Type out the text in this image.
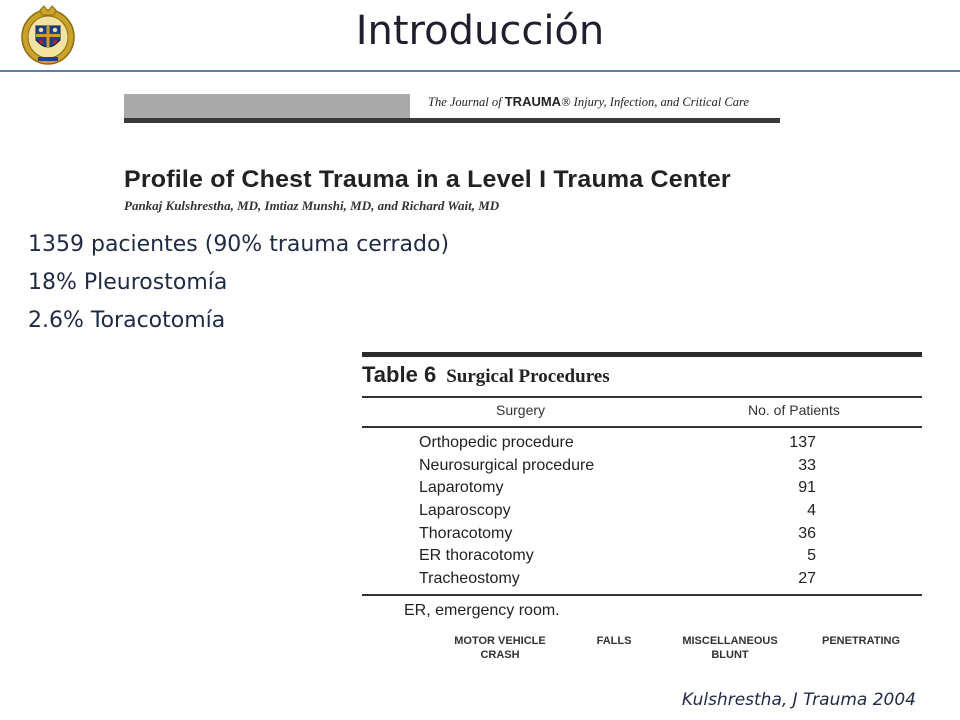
Introducción
The Journal of TRAUMA® Injury, Infection, and Critical Care
Profile of Chest Trauma in a Level I Trauma Center
Pankaj Kulshrestha, MD, Imtiaz Munshi, MD, and Richard Wait, MD
1359 pacientes (90% trauma cerrado)
18% Pleurostomía
2.6% Toracotomía
Table 6 Surgical Procedures
Surgery	No. of Patients
Orthopedic procedure	137
Neurosurgical procedure	33
Laparotomy	91
Laparoscopy	4
Thoracotomy	36
ER thoracotomy	5
Tracheostomy	27
ER, emergency room.
MOTOR VEHICLE CRASH
FALLS	MISCELLANEOUS BLUNT
PENETRATING
Kulshrestha, J Trauma 2004
